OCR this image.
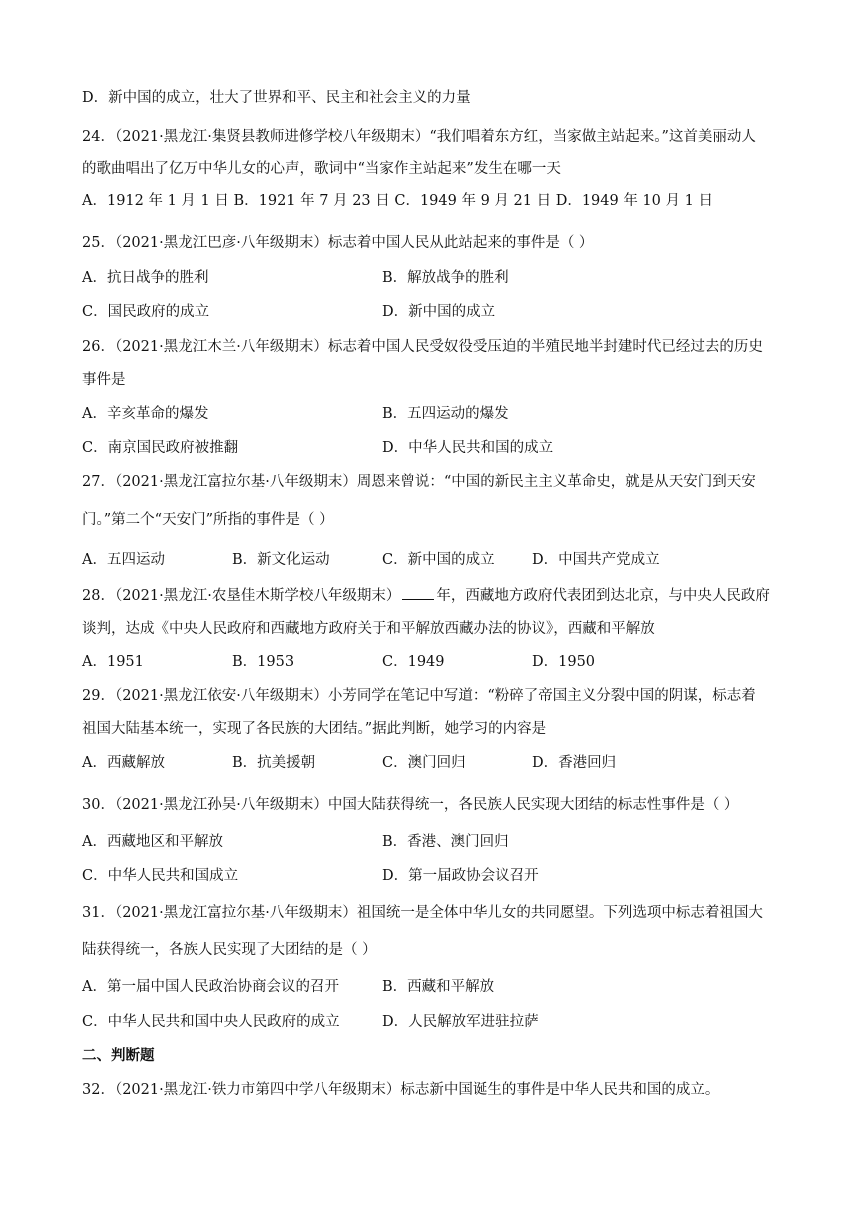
D．新中国的成立，壮大了世界和平、民主和社会主义的力量
24．（2021·黑龙江·集贤县教师进修学校八年级期末）“我们唱着东方红，当家做主站起来。”这首美丽动人
的歌曲唱出了亿万中华儿女的心声，歌词中“当家作主站起来”发生在哪一天
A．1912 年 1 月 1 日 B．1921 年 7 月 23 日 C．1949 年 9 月 21 日 D．1949 年 10 月 1 日
25．（2021·黑龙江巴彦·八年级期末）标志着中国人民从此站起来的事件是（ ）
A．抗日战争的胜利	B．解放战争的胜利
C．国民政府的成立	D．新中国的成立
26．（2021·黑龙江木兰·八年级期末）标志着中国人民受奴役受压迫的半殖民地半封建时代已经过去的历史
事件是
A．辛亥革命的爆发	B．五四运动的爆发
C．南京国民政府被推翻	D．中华人民共和国的成立
27．（2021·黑龙江富拉尔基·八年级期末）周恩来曾说：“中国的新民主主义革命史，就是从天安门到天安
门。”第二个“天安门”所指的事件是（ ）
A．五四运动	B．新文化运动	C．新中国的成立	D．中国共产党成立
28．（2021·黑龙江·农垦佳木斯学校八年级期末） 年，西藏地方政府代表团到达北京，与中央人民政府
谈判，达成《中央人民政府和西藏地方政府关于和平解放西藏办法的协议》，西藏和平解放
A．1951	B．1953	C．1949	D．1950
29．（2021·黑龙江依安·八年级期末）小芳同学在笔记中写道：“粉碎了帝国主义分裂中国的阴谋，标志着
祖国大陆基本统一，实现了各民族的大团结。”据此判断，她学习的内容是
A．西藏解放	B．抗美援朝	C．澳门回归	D．香港回归
30．（2021·黑龙江孙吴·八年级期末）中国大陆获得统一，各民族人民实现大团结的标志性事件是（ ）
A．西藏地区和平解放	B．香港、澳门回归
C．中华人民共和国成立	D．第一届政协会议召开
31．（2021·黑龙江富拉尔基·八年级期末）祖国统一是全体中华儿女的共同愿望。下列选项中标志着祖国大
陆获得统一，各族人民实现了大团结的是（ ）
A．第一届中国人民政治协商会议的召开	B．西藏和平解放
C．中华人民共和国中央人民政府的成立	D．人民解放军进驻拉萨
二、判断题
32．（2021·黑龙江·铁力市第四中学八年级期末）标志新中国诞生的事件是中华人民共和国的成立。
